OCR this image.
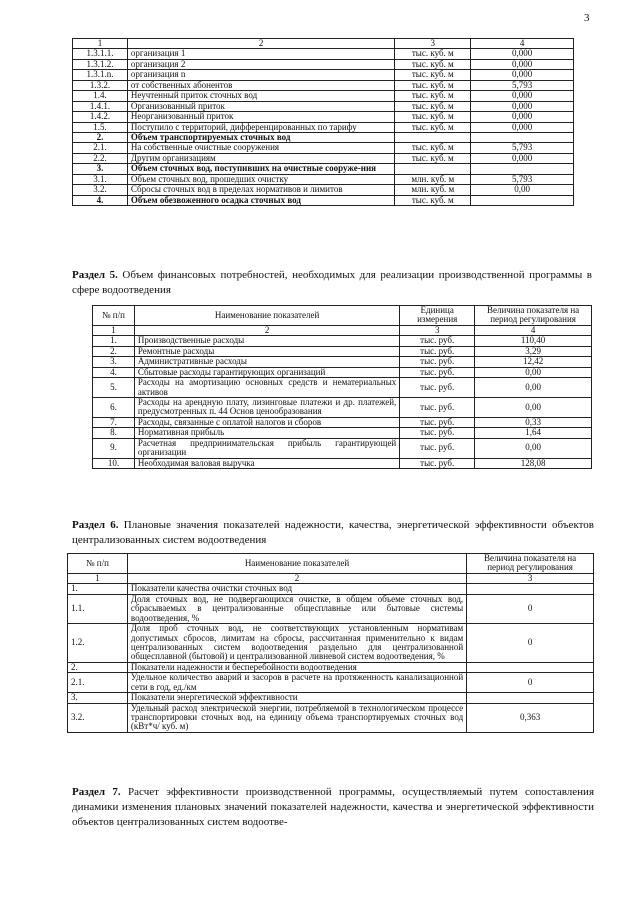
3
1	2	3	4
1.3.1.1.	организация 1	тыс. куб. м	0,000
1.3.1.2.	организация 2	тыс. куб. м	0,000
1.3.1.n.	организация n	тыс. куб. м	0,000
1.3.2.	от собственных абонентов	тыс. куб. м	5,793
1.4.	Неучтенный приток сточных вод	тыс. куб. м	0,000
1.4.1.	Организованный приток	тыс. куб. м	0,000
1.4.2.	Неорганизованный приток	тыс. куб. м	0,000
1.5.	Поступило с территорий, дифференцированных по тарифу	тыс. куб. м	0,000
2.	Объем транспортируемых сточных вод		
2.1.	На собственные очистные сооружения	тыс. куб. м	5,793
2.2.	Другим организациям	тыс. куб. м	0,000
3.	Объем сточных вод, поступивших на очистные сооруже-ния		
3.1.	Объем сточных вод, прошедших очистку	млн. куб. м	5,793
3.2.	Сбросы сточных вод в пределах нормативов и лимитов	млн. куб. м	0,00
4.	Объем обезвоженного осадка сточных вод	тыс. куб. м	
Раздел 5. Объем финансовых потребностей, необходимых для реализации производственной программы в сфере водоотведения
№ п/п	Наименование показателей	Единица измерения	Величина показателя на период регулирования
1	2	3	4
1.	Производственные расходы	тыс. руб.	110,40
2.	Ремонтные расходы	тыс. руб.	3,29
3.	Административные расходы	тыс. руб.	12,42
4.	Сбытовые расходы гарантирующих организаций	тыс. руб.	0,00
5.	Расходы на амортизацию основных средств и нематериальных активов	тыс. руб.	0,00
6.	Расходы на арендную плату, лизинговые платежи и др. платежей, предусмотренных п. 44 Основ ценообразования	тыс. руб.	0,00
7.	Расходы, связанные с оплатой налогов и сборов	тыс. руб.	0,33
8.	Нормативная прибыль	тыс. руб.	1,64
9.	Расчетная предпринимательская прибыль гарантирующей организации	тыс. руб.	0,00
10.	Необходимая валовая выручка	тыс. руб.	128,08
Раздел 6. Плановые значения показателей надежности, качества, энергетической эффективности объектов централизованных систем водоотведения
№ п/п	Наименование показателей	Величина показателя на период регулирования
1	2	3
1.	Показатели качества очистки сточных вод	
1.1.	Доля сточных вод, не подвергающихся очистке, в общем объеме сточных вод, сбрасываемых в централизованные общесплавные или бытовые системы водоотведения, %	0
1.2.	Доля проб сточных вод, не соответствующих установленным нормативам допустимых сбросов, лимитам на сбросы, рассчитанная применительно к видам централизованных систем водоотведения раздельно для централизованной общесплавной (бытовой) и централизованной ливневой систем водоотведения, %	0
2.	Показатели надежности и бесперебойности водоотведения	
2.1.	Удельное количество аварий и засоров в расчете на протяженность канализационной сети в год, ед./км	0
3.	Показатели энергетической эффективности	
3.2.	Удельный расход электрической энергии, потребляемой в технологическом процессе транспортировки сточных вод, на единицу объема транспортируемых сточных вод (кВт*ч/ куб. м)	0,363
Раздел 7. Расчет эффективности производственной программы, осуществляемый путем сопоставления динамики изменения плановых значений показателей надежности, качества и энергетической эффективности объектов централизованных систем водоотве-
